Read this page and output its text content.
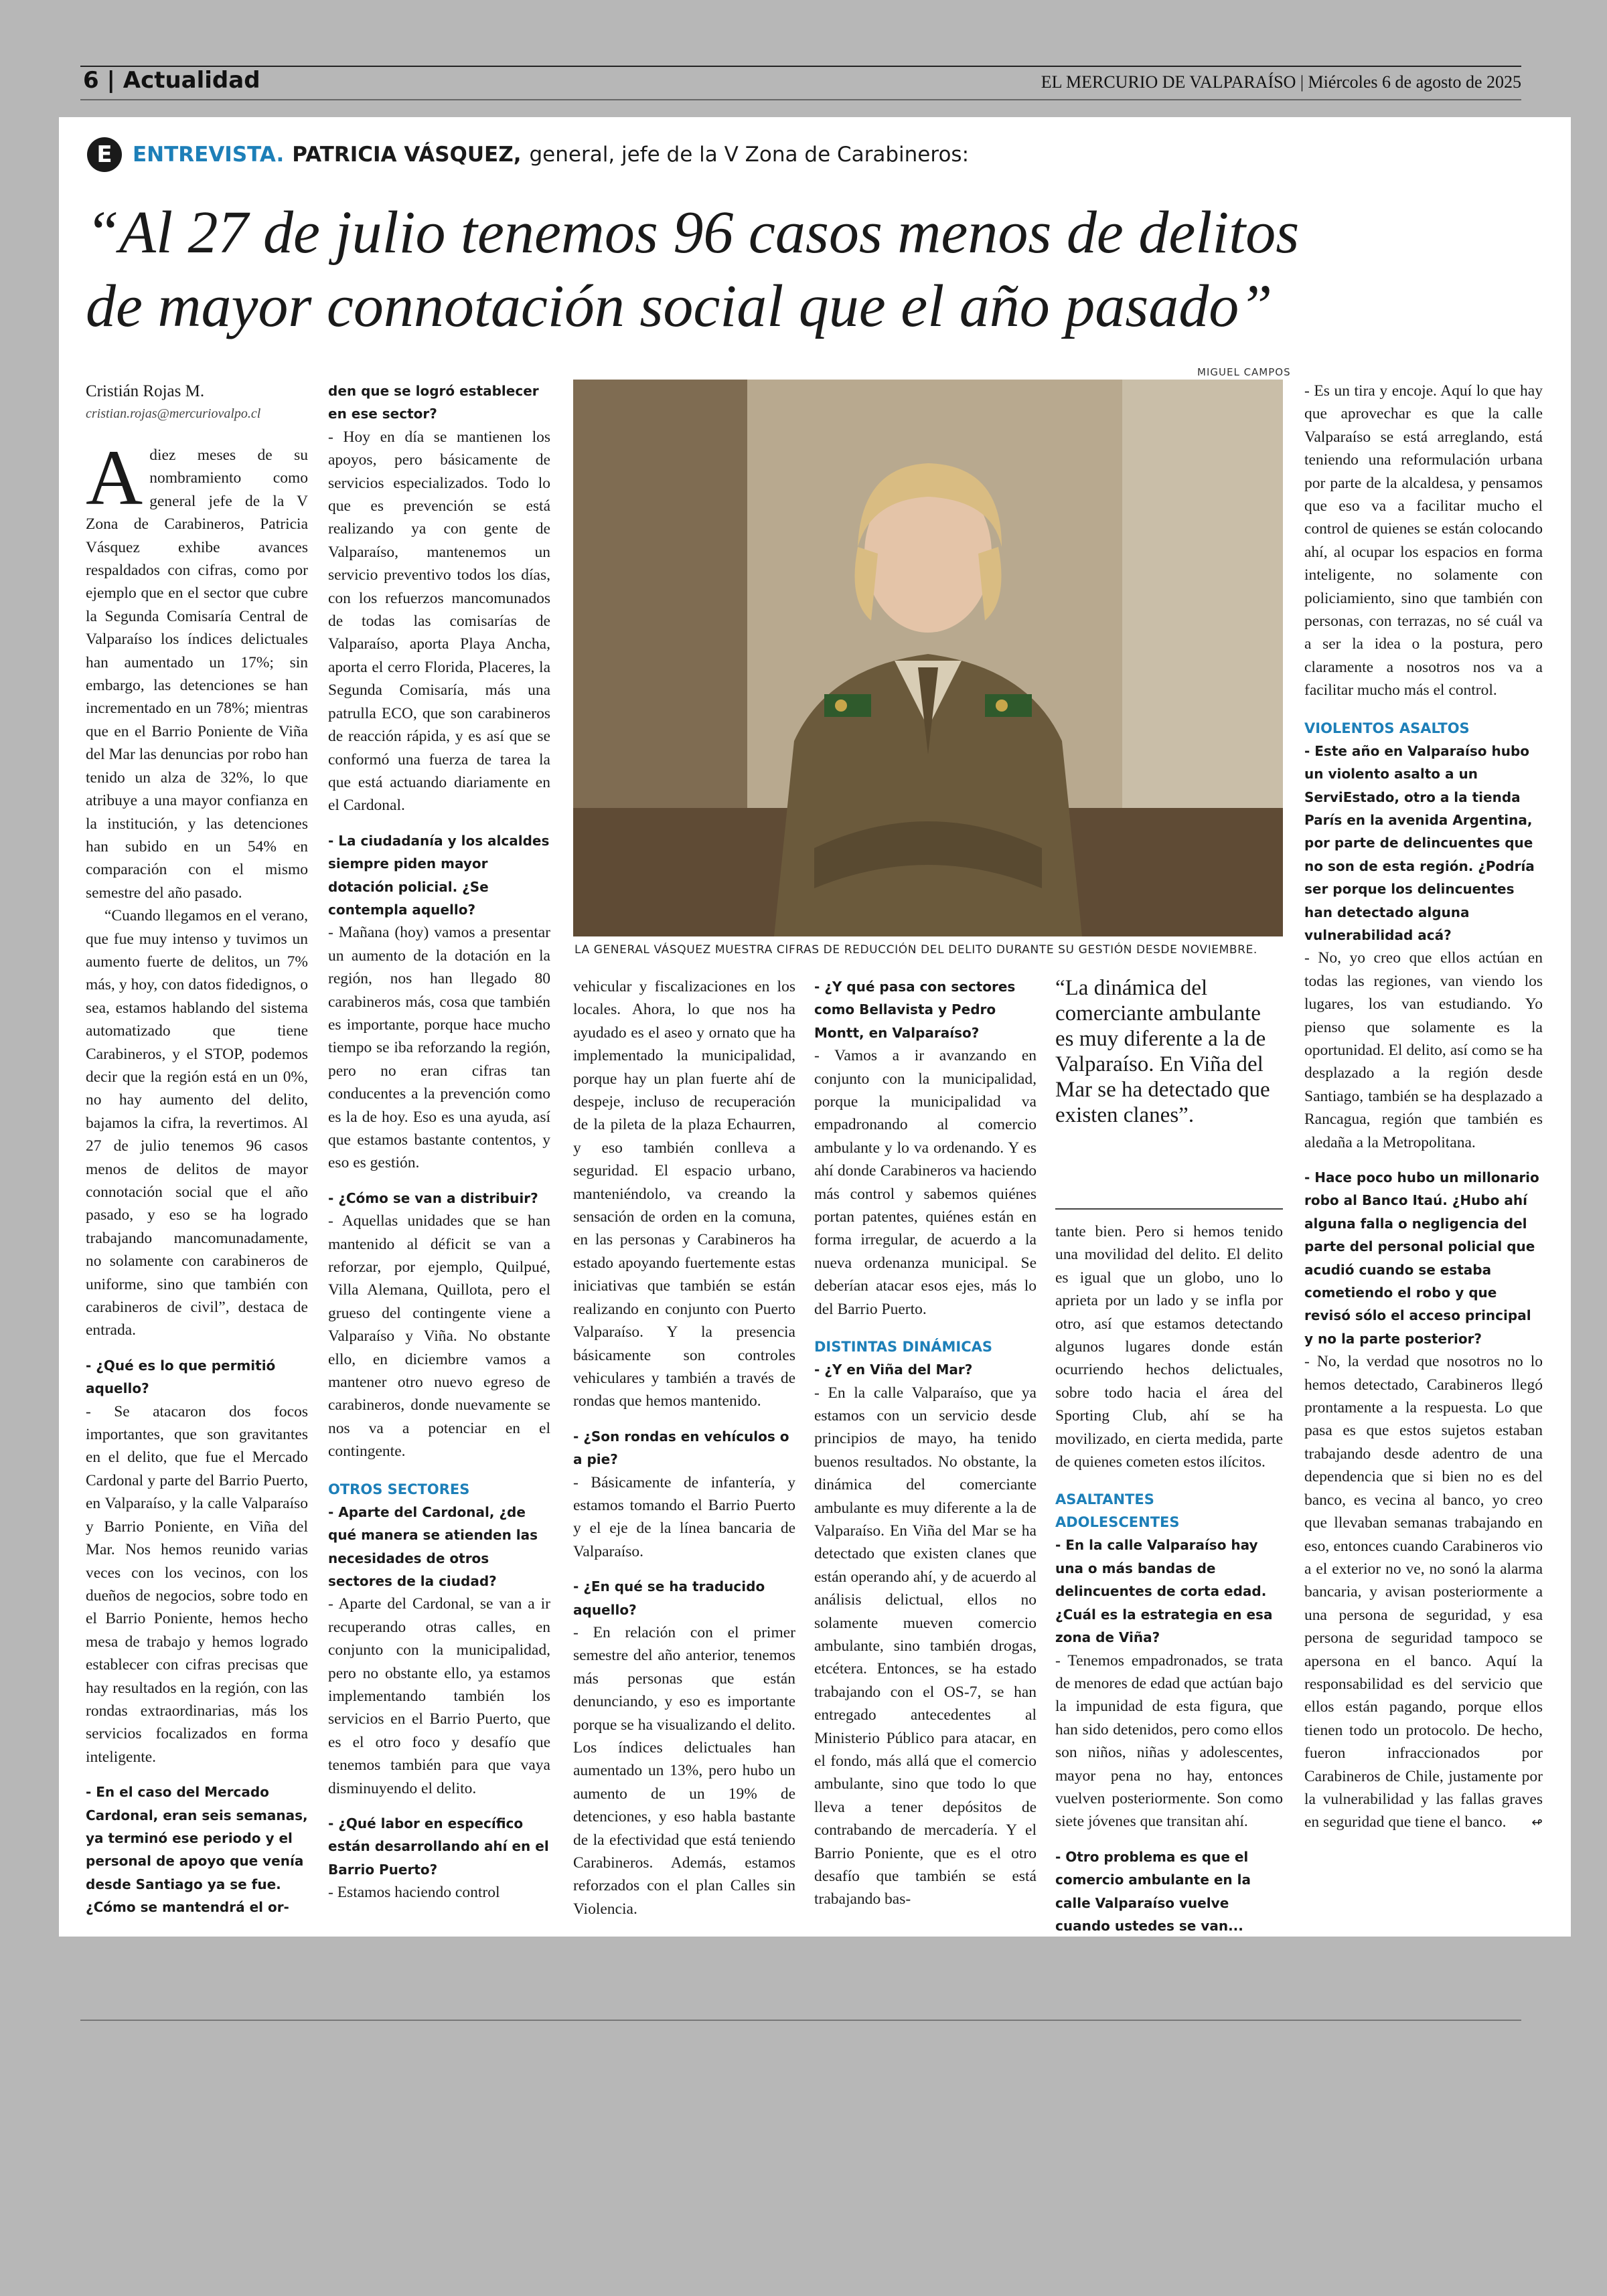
6 | Actualidad	EL MERCURIO DE VALPARAÍSO | Miércoles 6 de agosto de 2025
E ENTREVISTA. PATRICIA VÁSQUEZ, general, jefe de la V Zona de Carabineros:
“Al 27 de julio tenemos 96 casos menos de delitos
de mayor connotación social que el año pasado”
MIGUEL CAMPOS
LA GENERAL VÁSQUEZ MUESTRA CIFRAS DE REDUCCIÓN DEL DELITO DURANTE SU GESTIÓN DESDE NOVIEMBRE.

Cristián Rojas M.

cristian.rojas@mercuriovalpo.cl

Adiez meses de su nombramiento como general jefe de la V Zona de Carabineros, Patricia Vásquez exhibe avances respaldados con cifras, como por ejemplo que en el sector que cubre la Segunda Comisaría Central de Valparaíso los índices delictuales han aumentado un 17%; sin embargo, las detenciones se han incrementado en un 78%; mientras que en el Barrio Poniente de Viña del Mar las denuncias por robo han tenido un alza de 32%, lo que atribuye a una mayor confianza en la institución, y las detenciones han subido en un 54% en comparación con el mismo semestre del año pasado.

“Cuando llegamos en el verano, que fue muy intenso y tuvimos un aumento fuerte de delitos, un 7% más, y hoy, con datos fidedignos, o sea, estamos hablando del sistema automatizado que tiene Carabineros, y el STOP, podemos decir que la región está en un 0%, no hay aumento del delito, bajamos la cifra, la revertimos. Al 27 de julio tenemos 96 casos menos de delitos de mayor connotación social que el año pasado, y eso se ha logrado trabajando mancomunadamente, no solamente con carabineros de uniforme, sino que también con carabineros de civil”, destaca de entrada.

- ¿Qué es lo que permitió aquello?

- Se atacaron dos focos importantes, que son gravitantes en el delito, que fue el Mercado Cardonal y parte del Barrio Puerto, en Valparaíso, y la calle Valparaíso y Barrio Poniente, en Viña del Mar. Nos hemos reunido varias veces con los vecinos, con los dueños de negocios, sobre todo en el Barrio Poniente, hemos hecho mesa de trabajo y hemos logrado establecer con cifras precisas que hay resultados en la región, con las rondas extraordinarias, más los servicios focalizados en forma inteligente.

- En el caso del Mercado Cardonal, eran seis semanas, ya terminó ese periodo y el personal de apoyo que venía desde Santiago ya se fue. ¿Cómo se mantendrá el or-

den que se logró establecer en ese sector?

- Hoy en día se mantienen los apoyos, pero básicamente de servicios especializados. Todo lo que es prevención se está realizando ya con gente de Valparaíso, mantenemos un servicio preventivo todos los días, con los refuerzos mancomunados de todas las comisarías de Valparaíso, aporta Playa Ancha, aporta el cerro Florida, Placeres, la Segunda Comisaría, más una patrulla ECO, que son carabineros de reacción rápida, y es así que se conformó una fuerza de tarea la que está actuando diariamente en el Cardonal.

- La ciudadanía y los alcaldes siempre piden mayor dotación policial. ¿Se contempla aquello?

- Mañana (hoy) vamos a presentar un aumento de la dotación en la región, nos han llegado 80 carabineros más, cosa que también es importante, porque hace mucho tiempo se iba reforzando la región, pero no eran cifras tan conducentes a la prevención como es la de hoy. Eso es una ayuda, así que estamos bastante contentos, y eso es gestión.

- ¿Cómo se van a distribuir?

- Aquellas unidades que se han mantenido al déficit se van a reforzar, por ejemplo, Quilpué, Villa Alemana, Quillota, pero el grueso del contingente viene a Valparaíso y Viña. No obstante ello, en diciembre vamos a mantener otro nuevo egreso de carabineros, donde nuevamente se nos va a potenciar en el contingente.

OTROS SECTORES

- Aparte del Cardonal, ¿de qué manera se atienden las necesidades de otros sectores de la ciudad?

- Aparte del Cardonal, se van a ir recuperando otras calles, en conjunto con la municipalidad, pero no obstante ello, ya estamos implementando también los servicios en el Barrio Puerto, que es el otro foco y desafío que tenemos también para que vaya disminuyendo el delito.

- ¿Qué labor en específico están desarrollando ahí en el Barrio Puerto?

- Estamos haciendo control

vehicular y fiscalizaciones en los locales. Ahora, lo que nos ha ayudado es el aseo y ornato que ha implementado la municipalidad, porque hay un plan fuerte ahí de despeje, incluso de recuperación de la pileta de la plaza Echaurren, y eso también conlleva a seguridad. El espacio urbano, manteniéndolo, va creando la sensación de orden en la comuna, en las personas y Carabineros ha estado apoyando fuertemente estas iniciativas que también se están realizando en conjunto con Puerto Valparaíso. Y la presencia básicamente son controles vehiculares y también a través de rondas que hemos mantenido.

- ¿Son rondas en vehículos o a pie?

- Básicamente de infantería, y estamos tomando el Barrio Puerto y el eje de la línea bancaria de Valparaíso.

- ¿En qué se ha traducido aquello?

- En relación con el primer semestre del año anterior, tenemos más personas que están denunciando, y eso es importante porque se ha visualizando el delito. Los índices delictuales han aumentado un 13%, pero hubo un aumento de un 19% de detenciones, y eso habla bastante de la efectividad que está teniendo Carabineros. Además, estamos reforzados con el plan Calles sin Violencia.

- ¿Y qué pasa con sectores como Bellavista y Pedro Montt, en Valparaíso?

- Vamos a ir avanzando en conjunto con la municipalidad, porque la municipalidad va empadronando al comercio ambulante y lo va ordenando. Y es ahí donde Carabineros va haciendo más control y sabemos quiénes portan patentes, quiénes están en forma irregular, de acuerdo a la nueva ordenanza municipal. Se deberían atacar esos ejes, más lo del Barrio Puerto.

DISTINTAS DINÁMICAS

- ¿Y en Viña del Mar?

- En la calle Valparaíso, que ya estamos con un servicio desde principios de mayo, ha tenido buenos resultados. No obstante, la dinámica del comerciante ambulante es muy diferente a la de Valparaíso. En Viña del Mar se ha detectado que existen clanes que están operando ahí, y de acuerdo al análisis delictual, ellos no solamente mueven comercio ambulante, sino también drogas, etcétera. Entonces, se ha estado trabajando con el OS-7, se han entregado antecedentes al Ministerio Público para atacar, en el fondo, más allá que el comercio ambulante, sino que todo lo que lleva a tener depósitos de contrabando de mercadería. Y el Barrio Poniente, que es el otro desafío que también se está trabajando bas-

“La dinámica del comerciante ambulante es muy diferente a la de Valparaíso. En Viña del Mar se ha detectado que existen clanes”.

tante bien. Pero si hemos tenido una movilidad del delito. El delito es igual que un globo, uno lo aprieta por un lado y se infla por otro, así que estamos detectando algunos lugares donde están ocurriendo hechos delictuales, sobre todo hacia el área del Sporting Club, ahí se ha movilizado, en cierta medida, parte de quienes cometen estos ilícitos.

ASALTANTES ADOLESCENTES

- En la calle Valparaíso hay una o más bandas de delincuentes de corta edad. ¿Cuál es la estrategia en esa zona de Viña?

- Tenemos empadronados, se trata de menores de edad que actúan bajo la impunidad de esta figura, que han sido detenidos, pero como ellos son niños, niñas y adolescentes, mayor pena no hay, entonces vuelven posteriormente. Son como siete jóvenes que transitan ahí.

- Otro problema es que el comercio ambulante en la calle Valparaíso vuelve cuando ustedes se van...

- Es un tira y encoje. Aquí lo que hay que aprovechar es que la calle Valparaíso se está arreglando, está teniendo una reformulación urbana por parte de la alcaldesa, y pensamos que eso va a facilitar mucho el control de quienes se están colocando ahí, al ocupar los espacios en forma inteligente, no solamente con policiamiento, sino que también con personas, con terrazas, no sé cuál va a ser la idea o la postura, pero claramente a nosotros nos va a facilitar mucho más el control.

VIOLENTOS ASALTOS

- Este año en Valparaíso hubo un violento asalto a un ServiEstado, otro a la tienda París en la avenida Argentina, por parte de delincuentes que no son de esta región. ¿Podría ser porque los delincuentes han detectado alguna vulnerabilidad acá?

- No, yo creo que ellos actúan en todas las regiones, van viendo los lugares, los van estudiando. Yo pienso que solamente es la oportunidad. El delito, así como se ha desplazado a la región desde Santiago, también se ha desplazado a Rancagua, región que también es aledaña a la Metropolitana.

- Hace poco hubo un millonario robo al Banco Itaú. ¿Hubo ahí alguna falla o negligencia del parte del personal policial que acudió cuando se estaba cometiendo el robo y que revisó sólo el acceso principal y no la parte posterior?

- No, la verdad que nosotros no lo hemos detectado, Carabineros llegó prontamente a la respuesta. Lo que pasa es que estos sujetos estaban trabajando desde adentro de una dependencia que si bien no es del banco, es vecina al banco, yo creo que llevaban semanas trabajando en eso, entonces cuando Carabineros vio a el exterior no ve, no sonó la alarma bancaria, y avisan posteriormente a una persona de seguridad, y esa persona de seguridad tampoco se apersona en el banco. Aquí la responsabilidad es del servicio que ellos están pagando, porque ellos tienen todo un protocolo. De hecho, fueron infraccionados por Carabineros de Chile, justamente por la vulnerabilidad y las fallas graves en seguridad que tiene el banco. ↫
